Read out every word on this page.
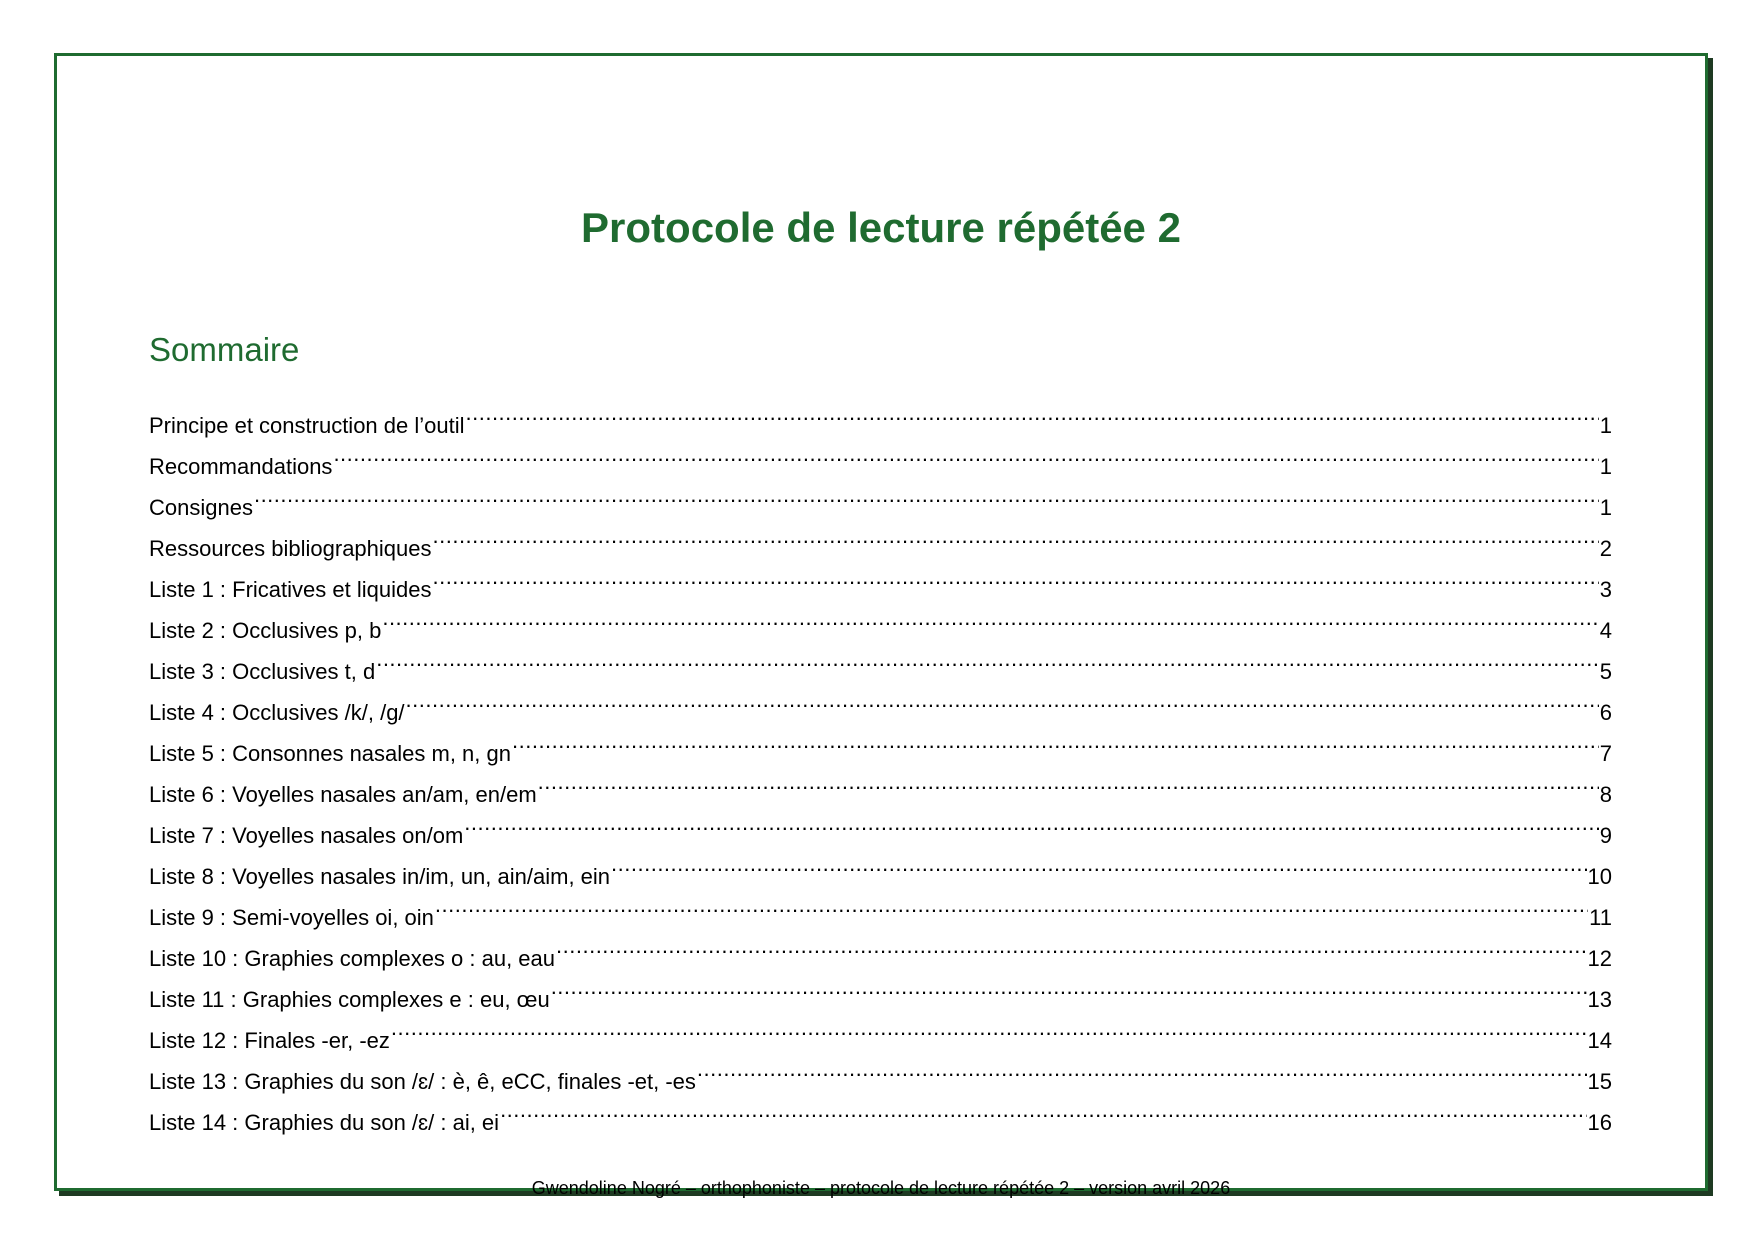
Protocole de lecture répétée 2
Sommaire
Principe et construction de l’outil .....	1
Recommandations .....	1
Consignes .....	1
Ressources bibliographiques .....	2
Liste 1 : Fricatives et liquides .....	3
Liste 2 : Occlusives p, b .....	4
Liste 3 : Occlusives t, d .....	5
Liste 4 : Occlusives /k/, /g/ .....	6
Liste 5 : Consonnes nasales m, n, gn .....	7
Liste 6 : Voyelles nasales an/am, en/em .....	8
Liste 7 : Voyelles nasales on/om .....	9
Liste 8 : Voyelles nasales in/im, un, ain/aim, ein .....	10
Liste 9 : Semi-voyelles oi, oin .....	11
Liste 10 : Graphies complexes o : au, eau .....	12
Liste 11 : Graphies complexes e : eu, œu .....	13
Liste 12 : Finales -er, -ez .....	14
Liste 13 : Graphies du son /ɛ/ : è, ê, eCC, finales -et, -es .....	15
Liste 14 : Graphies du son /ɛ/ : ai, ei .....	16

Gwendoline Nogré – orthophoniste – protocole de lecture répétée 2 – version avril 2026
